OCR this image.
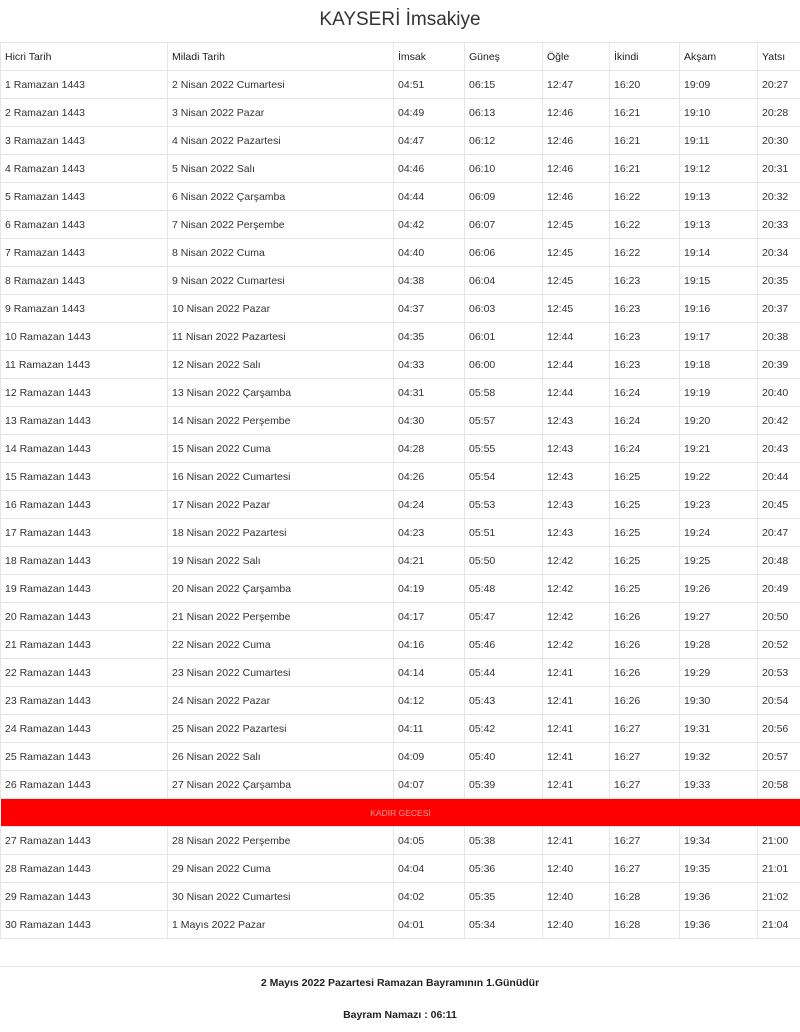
KAYSERİ İmsakiye
Hicri Tarih	Miladi Tarih	İmsak	Güneş	Öğle	İkindi	Akşam	Yatsı
1 Ramazan 1443	2 Nisan 2022 Cumartesi	04:51	06:15	12:47	16:20	19:09	20:27
2 Ramazan 1443	3 Nisan 2022 Pazar	04:49	06:13	12:46	16:21	19:10	20:28
3 Ramazan 1443	4 Nisan 2022 Pazartesi	04:47	06:12	12:46	16:21	19:11	20:30
4 Ramazan 1443	5 Nisan 2022 Salı	04:46	06:10	12:46	16:21	19:12	20:31
5 Ramazan 1443	6 Nisan 2022 Çarşamba	04:44	06:09	12:46	16:22	19:13	20:32
6 Ramazan 1443	7 Nisan 2022 Perşembe	04:42	06:07	12:45	16:22	19:13	20:33
7 Ramazan 1443	8 Nisan 2022 Cuma	04:40	06:06	12:45	16:22	19:14	20:34
8 Ramazan 1443	9 Nisan 2022 Cumartesi	04:38	06:04	12:45	16:23	19:15	20:35
9 Ramazan 1443	10 Nisan 2022 Pazar	04:37	06:03	12:45	16:23	19:16	20:37
10 Ramazan 1443	11 Nisan 2022 Pazartesi	04:35	06:01	12:44	16:23	19:17	20:38
11 Ramazan 1443	12 Nisan 2022 Salı	04:33	06:00	12:44	16:23	19:18	20:39
12 Ramazan 1443	13 Nisan 2022 Çarşamba	04:31	05:58	12:44	16:24	19:19	20:40
13 Ramazan 1443	14 Nisan 2022 Perşembe	04:30	05:57	12:43	16:24	19:20	20:42
14 Ramazan 1443	15 Nisan 2022 Cuma	04:28	05:55	12:43	16:24	19:21	20:43
15 Ramazan 1443	16 Nisan 2022 Cumartesi	04:26	05:54	12:43	16:25	19:22	20:44
16 Ramazan 1443	17 Nisan 2022 Pazar	04:24	05:53	12:43	16:25	19:23	20:45
17 Ramazan 1443	18 Nisan 2022 Pazartesi	04:23	05:51	12:43	16:25	19:24	20:47
18 Ramazan 1443	19 Nisan 2022 Salı	04:21	05:50	12:42	16:25	19:25	20:48
19 Ramazan 1443	20 Nisan 2022 Çarşamba	04:19	05:48	12:42	16:25	19:26	20:49
20 Ramazan 1443	21 Nisan 2022 Perşembe	04:17	05:47	12:42	16:26	19:27	20:50
21 Ramazan 1443	22 Nisan 2022 Cuma	04:16	05:46	12:42	16:26	19:28	20:52
22 Ramazan 1443	23 Nisan 2022 Cumartesi	04:14	05:44	12:41	16:26	19:29	20:53
23 Ramazan 1443	24 Nisan 2022 Pazar	04:12	05:43	12:41	16:26	19:30	20:54
24 Ramazan 1443	25 Nisan 2022 Pazartesi	04:11	05:42	12:41	16:27	19:31	20:56
25 Ramazan 1443	26 Nisan 2022 Salı	04:09	05:40	12:41	16:27	19:32	20:57
26 Ramazan 1443	27 Nisan 2022 Çarşamba	04:07	05:39	12:41	16:27	19:33	20:58
KADİR GECESİ							
27 Ramazan 1443	28 Nisan 2022 Perşembe	04:05	05:38	12:41	16:27	19:34	21:00
28 Ramazan 1443	29 Nisan 2022 Cuma	04:04	05:36	12:40	16:27	19:35	21:01
29 Ramazan 1443	30 Nisan 2022 Cumartesi	04:02	05:35	12:40	16:28	19:36	21:02
30 Ramazan 1443	1 Mayıs 2022 Pazar	04:01	05:34	12:40	16:28	19:36	21:04
2 Mayıs 2022 Pazartesi Ramazan Bayramının 1.Günüdür
Bayram Namazı : 06:11
